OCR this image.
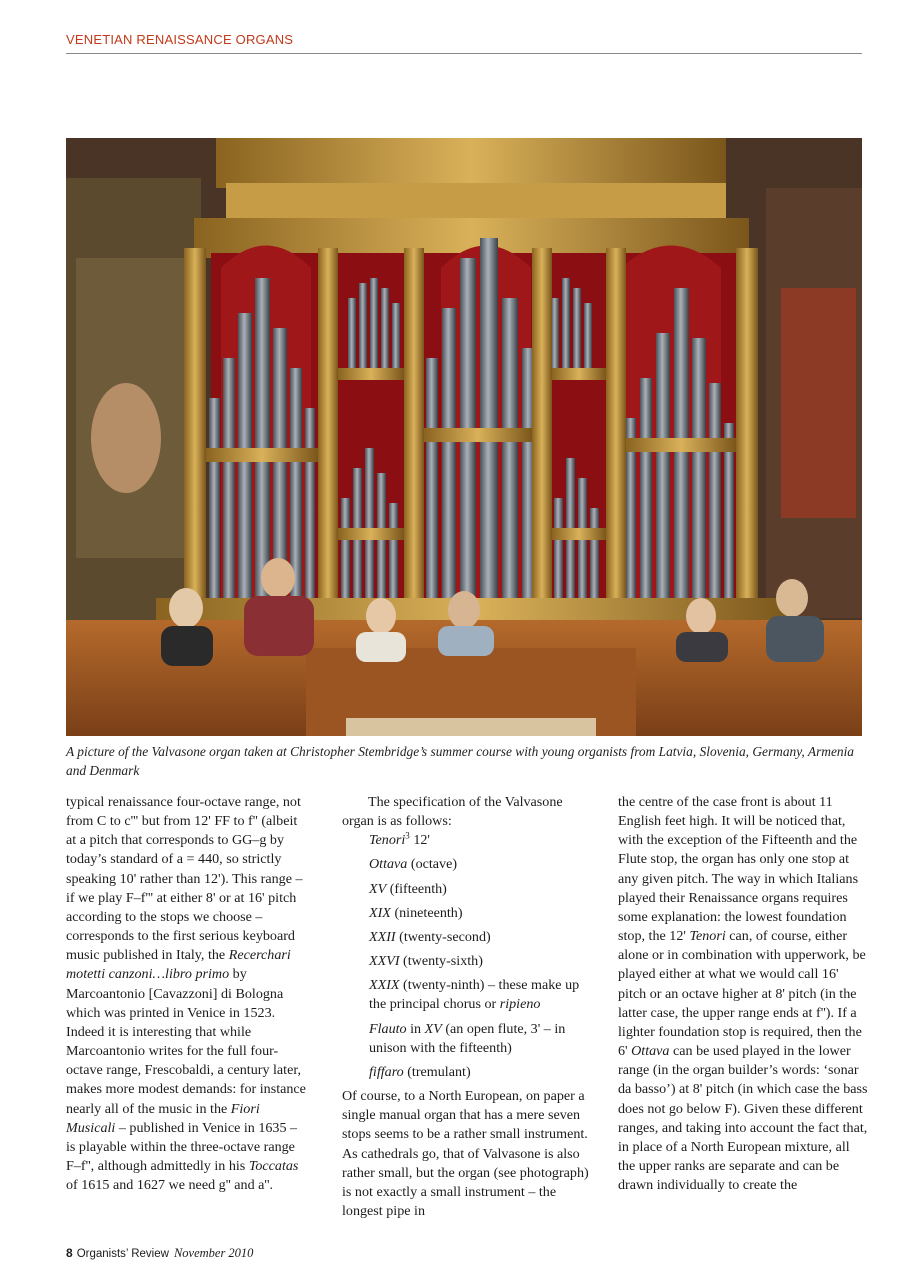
VENETIAN RENAISSANCE ORGANS
A picture of the Valvasone organ taken at Christopher Stembridge’s summer course with young organists from Latvia, Slovenia, Germany, Armenia and Denmark

typical renaissance four-octave range, not from C to c''' but from 12' FF to f'' (albeit at a pitch that corresponds to GG–g by today’s standard of a = 440, so strictly speaking 10' rather than 12'). This range – if we play F–f''' at either 8' or at 16' pitch according to the stops we choose – corresponds to the first serious keyboard music published in Italy, the Recerchari motetti canzoni…libro primo by Marcoantonio [Cavazzoni] di Bologna which was printed in Venice in 1523. Indeed it is interesting that while Marcoantonio writes for the full four-octave range, Frescobaldi, a century later, makes more modest demands: for instance nearly all of the music in the Fiori Musicali – published in Venice in 1635 – is playable within the three-octave range F–f'', although admittedly in his Toccatas of 1615 and 1627 we need g'' and a''.

The specification of the Valvasone organ is as follows:

Tenori$^3$ 12'
Ottava (octave)
XV (fifteenth)
XIX (nineteenth)
XXII (twenty-second)
XXVI (twenty-sixth)
XXIX (twenty-ninth) – these make up the principal chorus or ripieno
Flauto in XV (an open flute, 3' – in unison with the fifteenth)
fiffaro (tremulant)

Of course, to a North European, on paper a single manual organ that has a mere seven stops seems to be a rather small instrument. As cathedrals go, that of Valvasone is also rather small, but the organ (see photograph) is not exactly a small instrument – the longest pipe in

the centre of the case front is about 11 English feet high. It will be noticed that, with the exception of the Fifteenth and the Flute stop, the organ has only one stop at any given pitch. The way in which Italians played their Renaissance organs requires some explanation: the lowest foundation stop, the 12' Tenori can, of course, either alone or in combination with upperwork, be played either at what we would call 16' pitch or an octave higher at 8' pitch (in the latter case, the upper range ends at f''). If a lighter foundation stop is required, then the 6' Ottava can be used played in the lower range (in the organ builder’s words: ‘sonar da basso’) at 8' pitch (in which case the bass does not go below F). Given these different ranges, and taking into account the fact that, in place of a North European mixture, all the upper ranks are separate and can be drawn individually to create the

8 Organists’ Review November 2010
